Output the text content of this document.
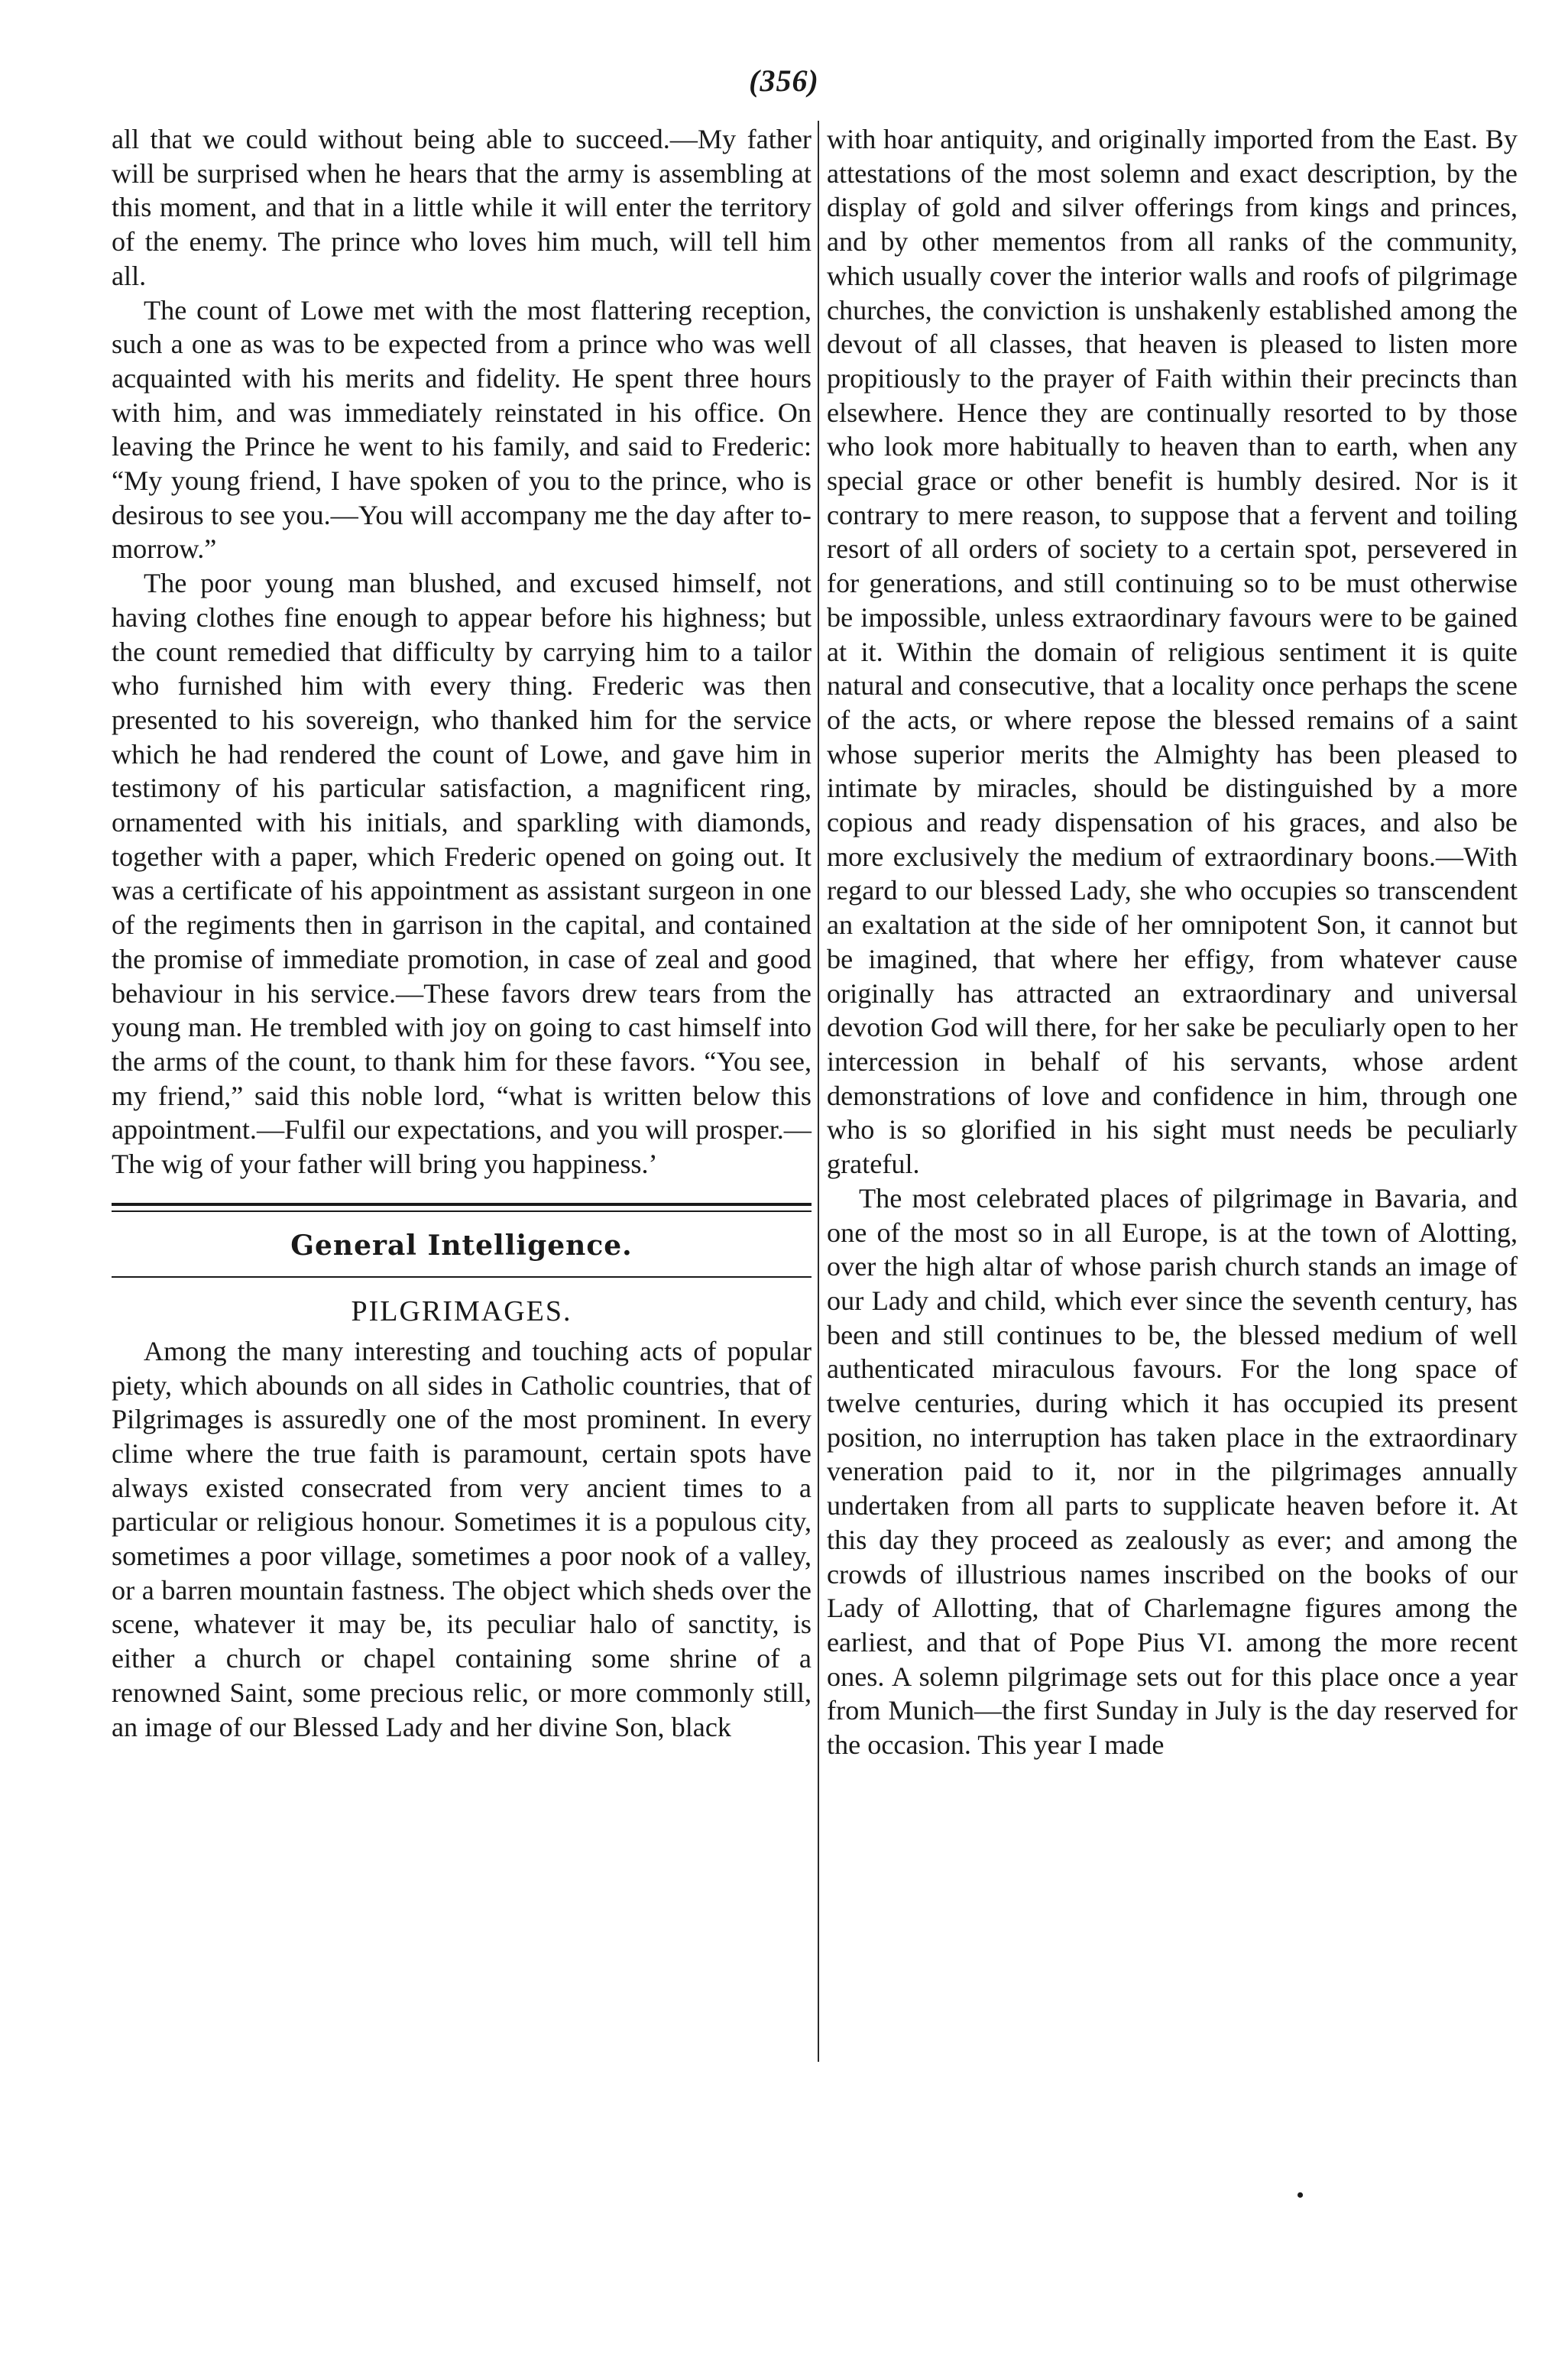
(356)

all that we could without being able to succeed.—My father will be surprised when he hears that the army is assembling at this moment, and that in a little while it will enter the territory of the enemy. The prince who loves him much, will tell him all.

The count of Lowe met with the most flattering reception, such a one as was to be expected from a prince who was well acquainted with his merits and fidelity. He spent three hours with him, and was immediately reinstated in his office. On leaving the Prince he went to his family, and said to Frederic: “My young friend, I have spoken of you to the prince, who is desirous to see you.—You will accompany me the day after to-morrow.”

The poor young man blushed, and excused himself, not having clothes fine enough to appear before his highness; but the count remedied that difficulty by carrying him to a tailor who furnished him with every thing. Frederic was then presented to his sovereign, who thanked him for the service which he had rendered the count of Lowe, and gave him in testimony of his particular satisfaction, a magnificent ring, ornamented with his initials, and sparkling with diamonds, together with a paper, which Frederic opened on going out. It was a certificate of his appointment as assistant surgeon in one of the regiments then in garrison in the capital, and contained the promise of immediate promotion, in case of zeal and good behaviour in his service.—These favors drew tears from the young man. He trembled with joy on going to cast himself into the arms of the count, to thank him for these favors. “You see, my friend,” said this noble lord, “what is written below this appointment.—Fulfil our expectations, and you will prosper.—The wig of your father will bring you happiness.’

General Intelligence.
PILGRIMAGES.

Among the many interesting and touching acts of popular piety, which abounds on all sides in Catholic countries, that of Pilgrimages is assuredly one of the most prominent. In every clime where the true faith is paramount, certain spots have always existed consecrated from very ancient times to a particular or religious honour. Sometimes it is a populous city, sometimes a poor village, sometimes a poor nook of a valley, or a barren mountain fastness. The object which sheds over the scene, whatever it may be, its peculiar halo of sanctity, is either a church or chapel containing some shrine of a renowned Saint, some precious relic, or more commonly still, an image of our Blessed Lady and her divine Son, black

with hoar antiquity, and originally imported from the East. By attestations of the most solemn and exact description, by the display of gold and silver offerings from kings and princes, and by other mementos from all ranks of the community, which usually cover the interior walls and roofs of pilgrimage churches, the conviction is unshakenly established among the devout of all classes, that heaven is pleased to listen more propitiously to the prayer of Faith within their precincts than elsewhere. Hence they are continually resorted to by those who look more habitually to heaven than to earth, when any special grace or other benefit is humbly desired. Nor is it contrary to mere reason, to suppose that a fervent and toiling resort of all orders of society to a certain spot, persevered in for generations, and still continuing so to be must otherwise be impossible, unless extraordinary favours were to be gained at it. Within the domain of religious sentiment it is quite natural and consecutive, that a locality once perhaps the scene of the acts, or where repose the blessed remains of a saint whose superior merits the Almighty has been pleased to intimate by miracles, should be distinguished by a more copious and ready dispensation of his graces, and also be more exclusively the medium of extraordinary boons.—With regard to our blessed Lady, she who occupies so transcendent an exaltation at the side of her omnipotent Son, it cannot but be imagined, that where her effigy, from whatever cause originally has attracted an extraordinary and universal devotion God will there, for her sake be peculiarly open to her intercession in behalf of his servants, whose ardent demonstrations of love and confidence in him, through one who is so glorified in his sight must needs be peculiarly grateful.

The most celebrated places of pilgrimage in Bavaria, and one of the most so in all Europe, is at the town of Alotting, over the high altar of whose parish church stands an image of our Lady and child, which ever since the seventh century, has been and still continues to be, the blessed medium of well authenticated miraculous favours. For the long space of twelve centuries, during which it has occupied its present position, no interruption has taken place in the extraordinary veneration paid to it, nor in the pilgrimages annually undertaken from all parts to supplicate heaven before it. At this day they proceed as zealously as ever; and among the crowds of illustrious names inscribed on the books of our Lady of Allotting, that of Charlemagne figures among the earliest, and that of Pope Pius VI. among the more recent ones. A solemn pilgrimage sets out for this place once a year from Munich—the first Sunday in July is the day reserved for the occasion. This year I made

•
